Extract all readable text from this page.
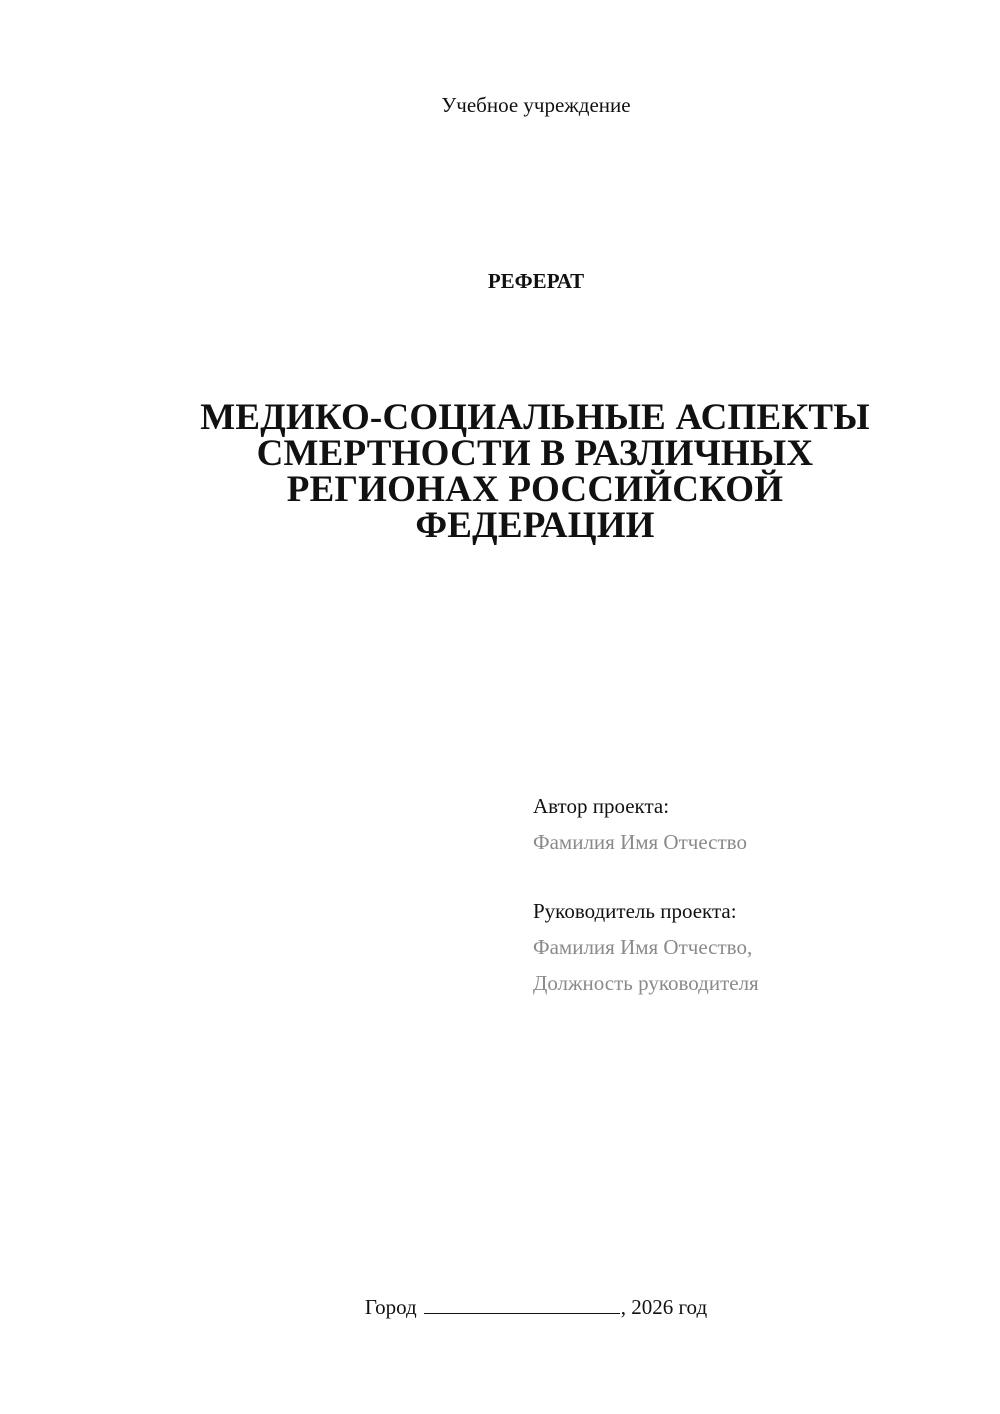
Учебное учреждение
РЕФЕРАТ
МЕДИКО-СОЦИАЛЬНЫЕ АСПЕКТЫ
СМЕРТНОСТИ В РАЗЛИЧНЫХ
РЕГИОНАХ РОССИЙСКОЙ
ФЕДЕРАЦИИ
Автор проекта:
Фамилия Имя Отчество
Руководитель проекта:
Фамилия Имя Отчество,
Должность руководителя
Город	, 2026 год
